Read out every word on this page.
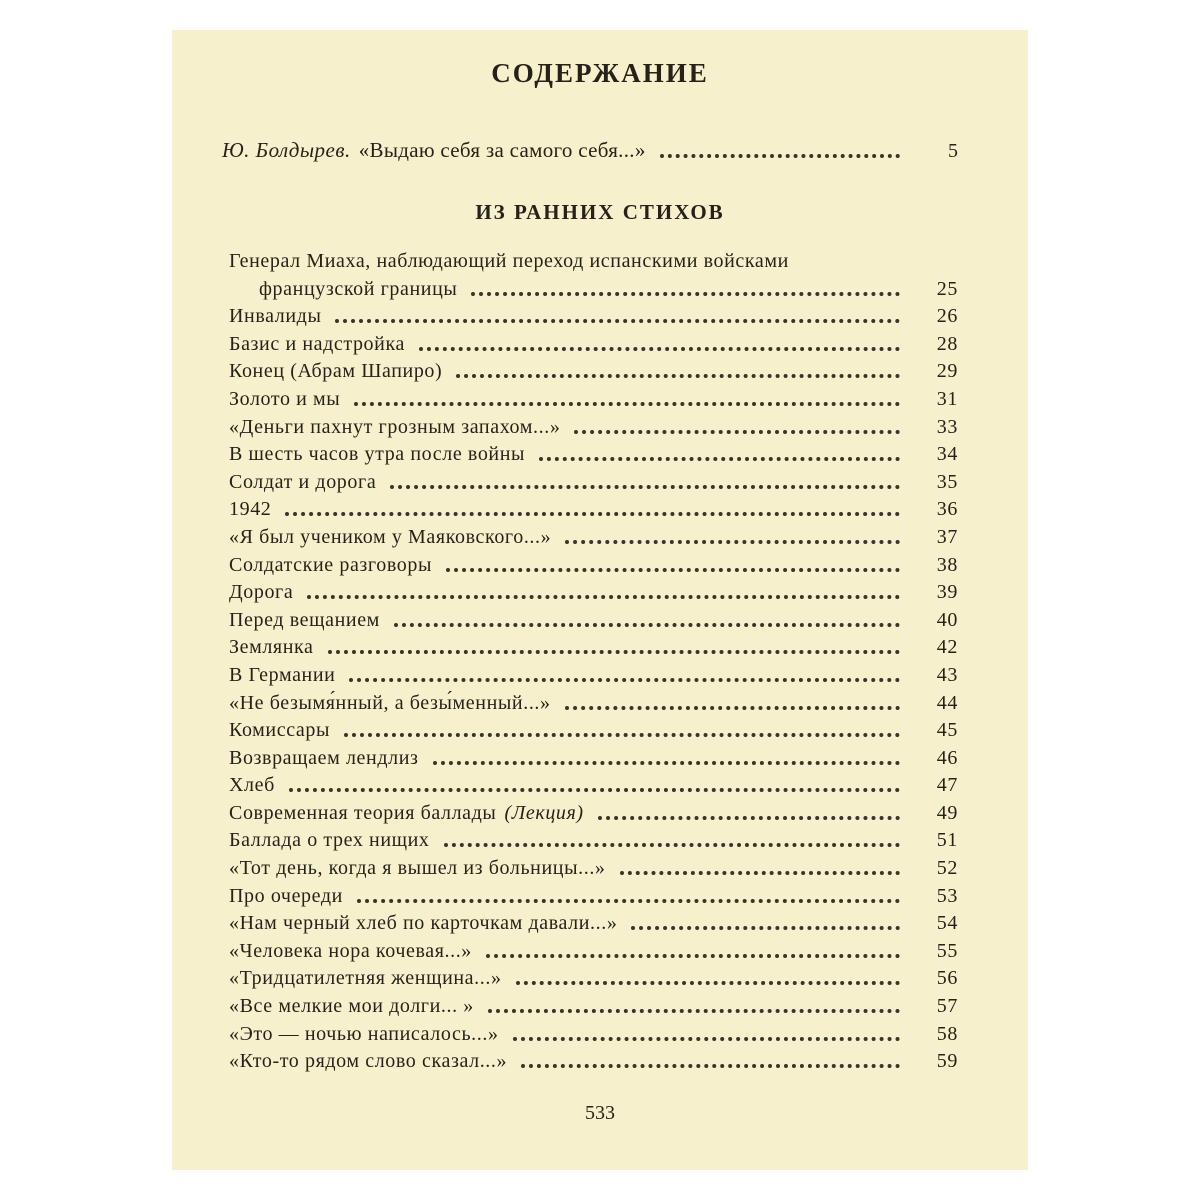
СОДЕРЖАНИЕ
Ю. Болдырев. «Выдаю себя за самого себя...»	5
ИЗ РАННИХ СТИХОВ
Генерал Миаха, наблюдающий переход испанскими войсками
французской границы	25
Инвалиды	26
Базис и надстройка	28
Конец (Абрам Шапиро)	29
Золото и мы	31
«Деньги пахнут грозным запахом...»	33
В шесть часов утра после войны	34
Солдат и дорога	35
1942	36
«Я был учеником у Маяковского...»	37
Солдатские разговоры	38
Дорога	39
Перед вещанием	40
Землянка	42
В Германии	43
«Не безымя́нный, а безы́менный...»	44
Комиссары	45
Возвращаем лендлиз	46
Хлеб	47
Современная теория баллады (Лекция)	49
Баллада о трех нищих	51
«Тот день, когда я вышел из больницы...»	52
Про очереди	53
«Нам черный хлеб по карточкам давали...»	54
«Человека нора кочевая...»	55
«Тридцатилетняя женщина...»	56
«Все мелкие мои долги... »	57
«Это — ночью написалось...»	58
«Кто-то рядом слово сказал...»	59
533
